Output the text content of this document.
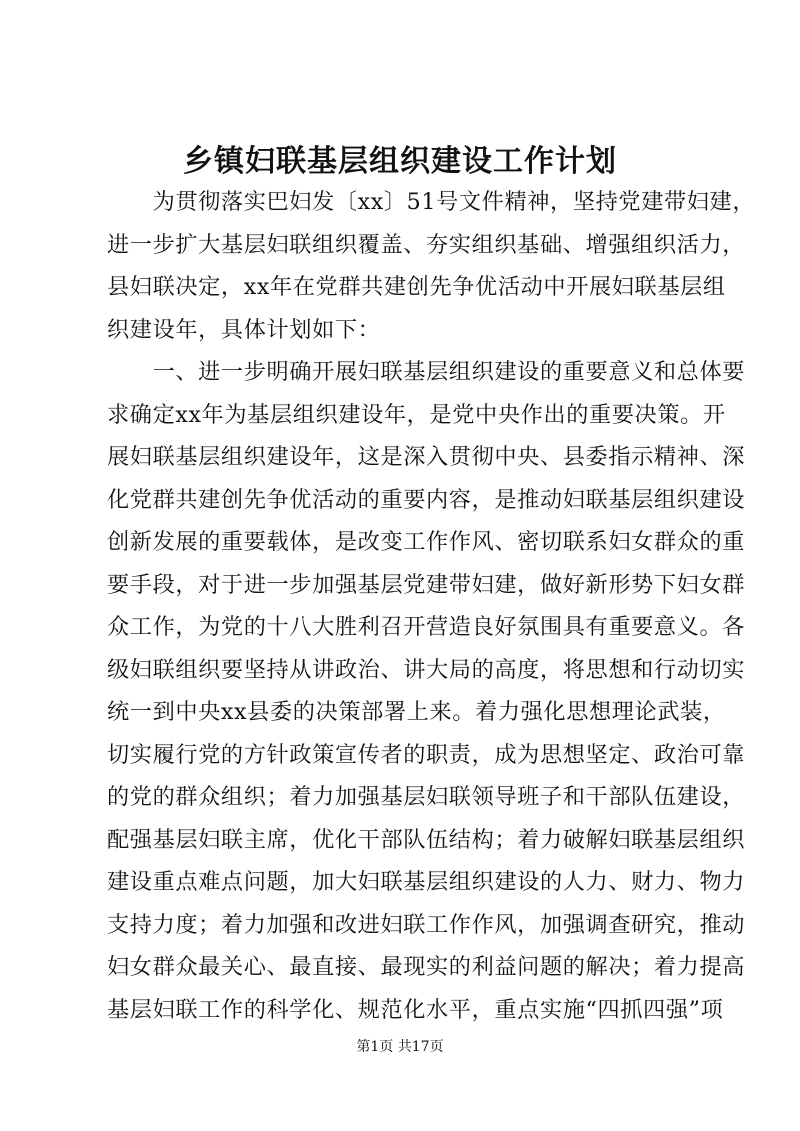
乡镇妇联基层组织建设工作计划
　　为贯彻落实巴妇发〔xx〕51号文件精神，坚持党建带妇建，
进一步扩大基层妇联组织覆盖、夯实组织基础、增强组织活力，
县妇联决定，xx年在党群共建创先争优活动中开展妇联基层组
织建设年，具体计划如下：
　　一、进一步明确开展妇联基层组织建设的重要意义和总体要
求确定xx年为基层组织建设年，是党中央作出的重要决策。开
展妇联基层组织建设年，这是深入贯彻中央、县委指示精神、深
化党群共建创先争优活动的重要内容，是推动妇联基层组织建设
创新发展的重要载体，是改变工作作风、密切联系妇女群众的重
要手段，对于进一步加强基层党建带妇建，做好新形势下妇女群
众工作，为党的十八大胜利召开营造良好氛围具有重要意义。各
级妇联组织要坚持从讲政治、讲大局的高度，将思想和行动切实
统一到中央xx县委的决策部署上来。着力强化思想理论武装，
切实履行党的方针政策宣传者的职责，成为思想坚定、政治可靠
的党的群众组织；着力加强基层妇联领导班子和干部队伍建设，
配强基层妇联主席，优化干部队伍结构；着力破解妇联基层组织
建设重点难点问题，加大妇联基层组织建设的人力、财力、物力
支持力度；着力加强和改进妇联工作作风，加强调查研究，推动
妇女群众最关心、最直接、最现实的利益问题的解决；着力提高
基层妇联工作的科学化、规范化水平，重点实施“四抓四强”项
第1页 共17页
